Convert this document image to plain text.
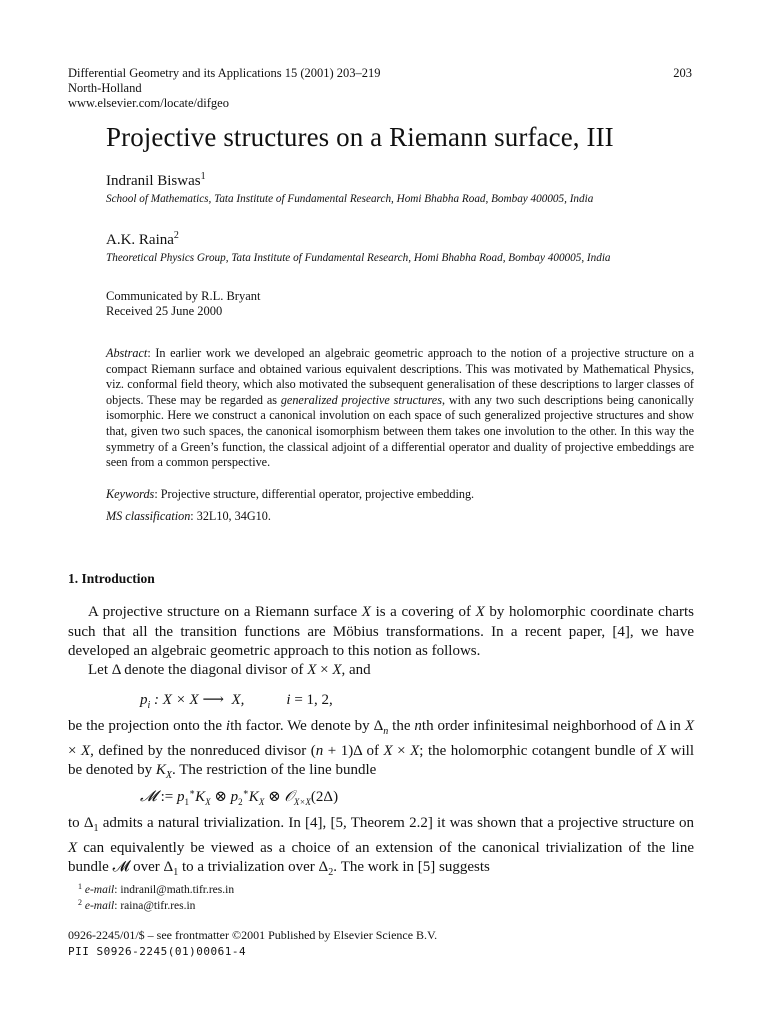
Differential Geometry and its Applications 15 (2001) 203–219
North-Holland
www.elsevier.com/locate/difgeo
203
Projective structures on a Riemann surface, III
Indranil Biswas$^1$
School of Mathematics, Tata Institute of Fundamental Research, Homi Bhabha Road, Bombay 400005, India
A.K. Raina$^2$
Theoretical Physics Group, Tata Institute of Fundamental Research, Homi Bhabha Road, Bombay 400005, India
Communicated by R.L. Bryant
Received 25 June 2000
Abstract: In earlier work we developed an algebraic geometric approach to the notion of a projective structure on a compact Riemann surface and obtained various equivalent descriptions. This was motivated by Mathematical Physics, viz. conformal field theory, which also motivated the subsequent generalisation of these descriptions to larger classes of objects. These may be regarded as generalized projective structures, with any two such descriptions being canonically isomorphic. Here we construct a canonical involution on each space of such generalized projective structures and show that, given two such spaces, the canonical isomorphism between them takes one involution to the other. In this way the symmetry of a Green’s function, the classical adjoint of a differential operator and duality of projective embeddings are seen from a common perspective.
Keywords: Projective structure, differential operator, projective embedding.
MS classification: 32L10, 34G10.
1. Introduction
A projective structure on a Riemann surface X is a covering of X by holomorphic coordinate charts such that all the transition functions are Möbius transformations. In a recent paper, [4], we have developed an algebraic geometric approach to this notion as follows.
Let Δ denote the diagonal divisor of X × X, and
$p_i$ : X × X ⟶  X,	i = 1, 2,
be the projection onto the ith factor. We denote by $\Delta_n$ the nth order infinitesimal neighborhood of Δ in X × X, defined by the nonreduced divisor (n + 1)Δ of X × X; the holomorphic cotangent bundle of X will be denoted by $K_X$. The restriction of the line bundle
𝓜 := $p_1^∗K_X$ ⊗ $p_2^∗K_X$ ⊗ 𝒪$_{X\times X}$(2Δ)
to $\Delta_1$ admits a natural trivialization. In [4], [5, Theorem 2.2] it was shown that a projective structure on X can equivalently be viewed as a choice of an extension of the canonical trivialization of the line bundle 𝓜 over $\Delta_1$ to a trivialization over $\Delta_2$. The work in [5] suggests
$^1$ e-mail: indranil@math.tifr.res.in
$^2$ e-mail: raina@tifr.res.in
0926-2245/01/$ – see frontmatter ©2001 Published by Elsevier Science B.V.
PII S0926-2245(01)00061-4
